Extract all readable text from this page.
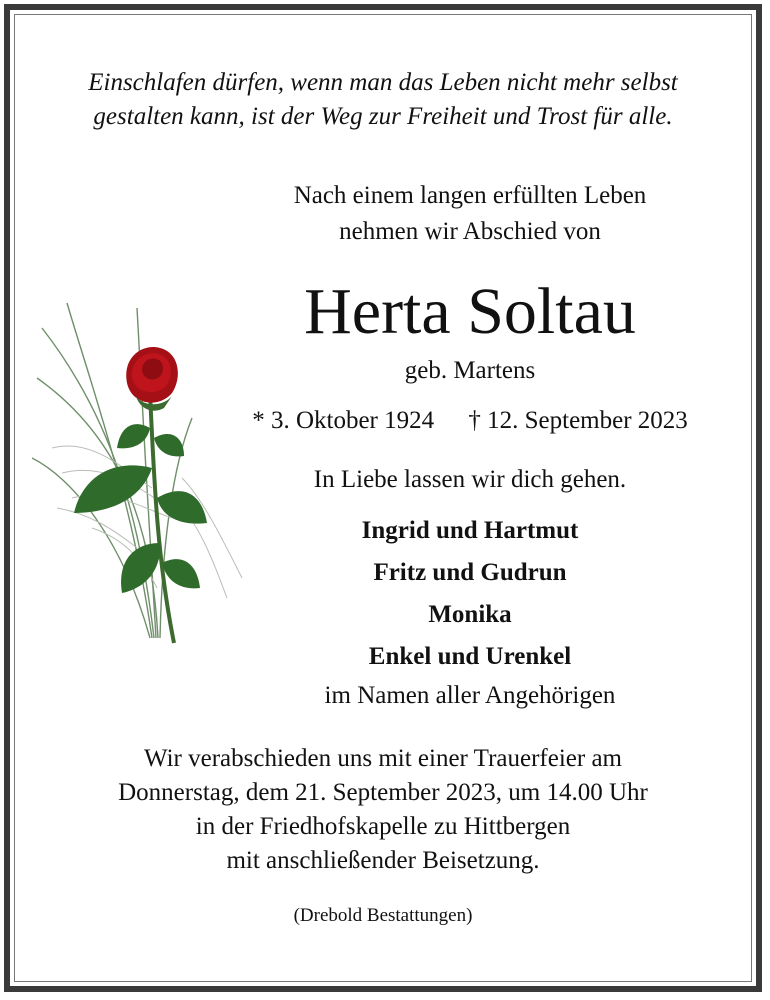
Einschlafen dürfen, wenn man das Leben nicht mehr selbst
gestalten kann, ist der Weg zur Freiheit und Trost für alle.
Nach einem langen erfüllten Leben
nehmen wir Abschied von
Herta Soltau
geb. Martens
* 3. Oktober 1924 † 12. September 2023
In Liebe lassen wir dich gehen.
Ingrid und Hartmut
Fritz und Gudrun
Monika
Enkel und Urenkel
im Namen aller Angehörigen
Wir verabschieden uns mit einer Trauerfeier am
Donnerstag, dem 21. September 2023, um 14.00 Uhr
in der Friedhofskapelle zu Hittbergen
mit anschließender Beisetzung.
(Drebold Bestattungen)
